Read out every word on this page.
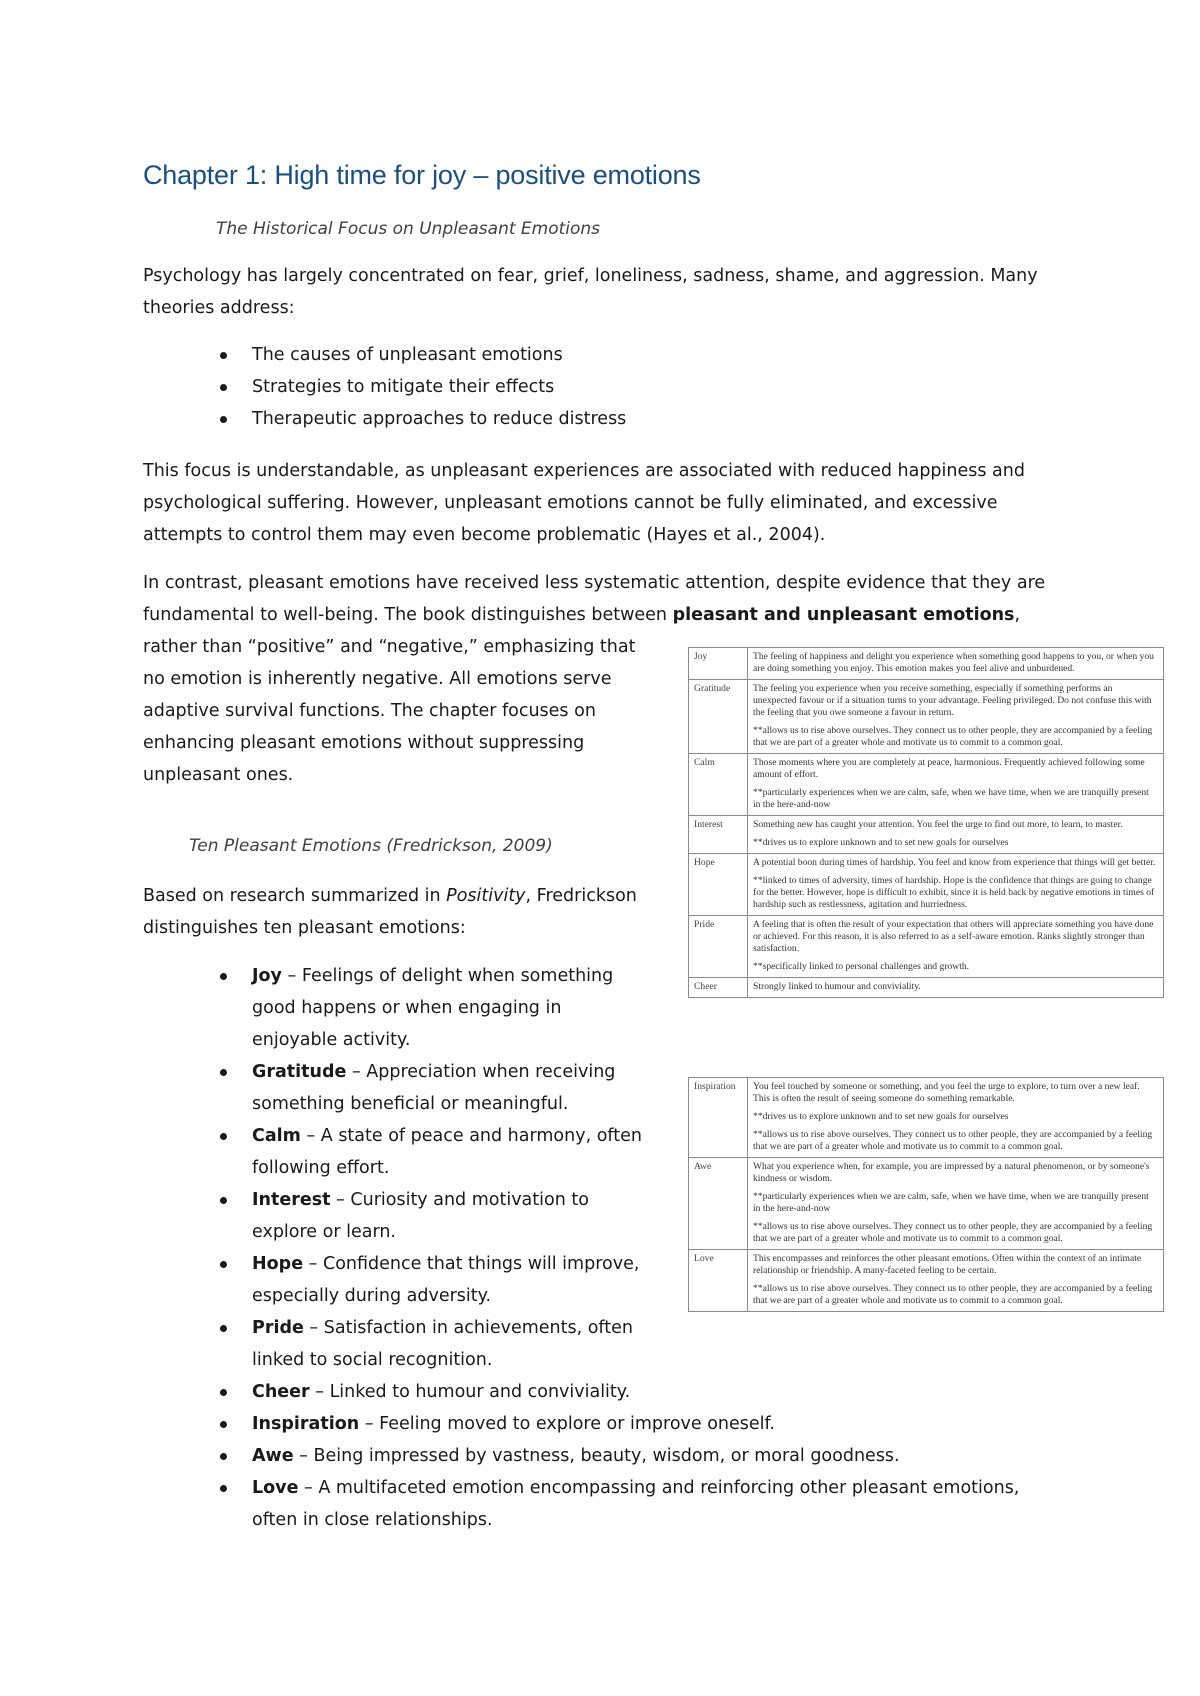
Chapter 1: High time for joy – positive emotions

The Historical Focus on Unpleasant Emotions

Psychology has largely concentrated on fear, grief, loneliness, sadness, shame, and aggression. Many
theories address:

The causes of unpleasant emotions
Strategies to mitigate their effects
Therapeutic approaches to reduce distress

This focus is understandable, as unpleasant experiences are associated with reduced happiness and
psychological suffering. However, unpleasant emotions cannot be fully eliminated, and excessive
attempts to control them may even become problematic (Hayes et al., 2004).

In contrast, pleasant emotions have received less systematic attention, despite evidence that they are
fundamental to well-being. The book distinguishes between pleasant and unpleasant emotions,
rather than “positive” and “negative,” emphasizing that
no emotion is inherently negative. All emotions serve
adaptive survival functions. The chapter focuses on
enhancing pleasant emotions without suppressing
unpleasant ones.

Ten Pleasant Emotions (Fredrickson, 2009)

Based on research summarized in Positivity, Fredrickson
distinguishes ten pleasant emotions:

Joy – Feelings of delight when something
good happens or when engaging in
enjoyable activity.
Gratitude – Appreciation when receiving
something beneficial or meaningful.
Calm – A state of peace and harmony, often
following effort.
Interest – Curiosity and motivation to
explore or learn.
Hope – Confidence that things will improve,
especially during adversity.
Pride – Satisfaction in achievements, often
linked to social recognition.
Cheer – Linked to humour and conviviality.
Inspiration – Feeling moved to explore or improve oneself.
Awe – Being impressed by vastness, beauty, wisdom, or moral goodness.
Love – A multifaceted emotion encompassing and reinforcing other pleasant emotions,
often in close relationships.
Joy	The feeling of happiness and delight you experience when something good happens to you, or when you are doing something you enjoy. This emotion makes you feel alive and unburdened.

Gratitude	The feeling you experience when you receive something, especially if something performs an unexpected favour or if a situation turns to your advantage. Feeling privileged. Do not confuse this with the feeling that you owe someone a favour in return.

**allows us to rise above ourselves. They connect us to other people, they are accompanied by a feeling that we are part of a greater whole and motivate us to commit to a common goal.

Calm	Those moments where you are completely at peace, harmonious. Frequently achieved following some amount of effort.

**particularly experiences when we are calm, safe, when we have time, when we are tranquilly present in the here-and-now

Interest	Something new has caught your attention. You feel the urge to find out more, to learn, to master.

**drives us to explore unknown and to set new goals for ourselves

Hope	A potential boon during times of hardship. You feel and know from experience that things will get better.

**linked to times of adversity, times of hardship. Hope is the confidence that things are going to change for the better. However, hope is difficult to exhibit, since it is held back by negative emotions in times of hardship such as restlessness, agitation and hurriedness.

Pride	A feeling that is often the result of your expectation that others will appreciate something you have done or achieved. For this reason, it is also referred to as a self-aware emotion. Ranks slightly stronger than satisfaction.

**specifically linked to personal challenges and growth.

Cheer	Strongly linked to humour and conviviality.

Inspiration	You feel touched by someone or something, and you feel the urge to explore, to turn over a new leaf. This is often the result of seeing someone do something remarkable.

**drives us to explore unknown and to set new goals for ourselves

**allows us to rise above ourselves. They connect us to other people, they are accompanied by a feeling that we are part of a greater whole and motivate us to commit to a common goal.

Awe	What you experience when, for example, you are impressed by a natural phenomenon, or by someone's kindness or wisdom.

**particularly experiences when we are calm, safe, when we have time, when we are tranquilly present in the here-and-now

**allows us to rise above ourselves. They connect us to other people, they are accompanied by a feeling that we are part of a greater whole and motivate us to commit to a common goal.

Love	This encompasses and reinforces the other pleasant emotions. Often within the context of an intimate relationship or friendship. A many-faceted feeling to be certain.

**allows us to rise above ourselves. They connect us to other people, they are accompanied by a feeling that we are part of a greater whole and motivate us to commit to a common goal.
